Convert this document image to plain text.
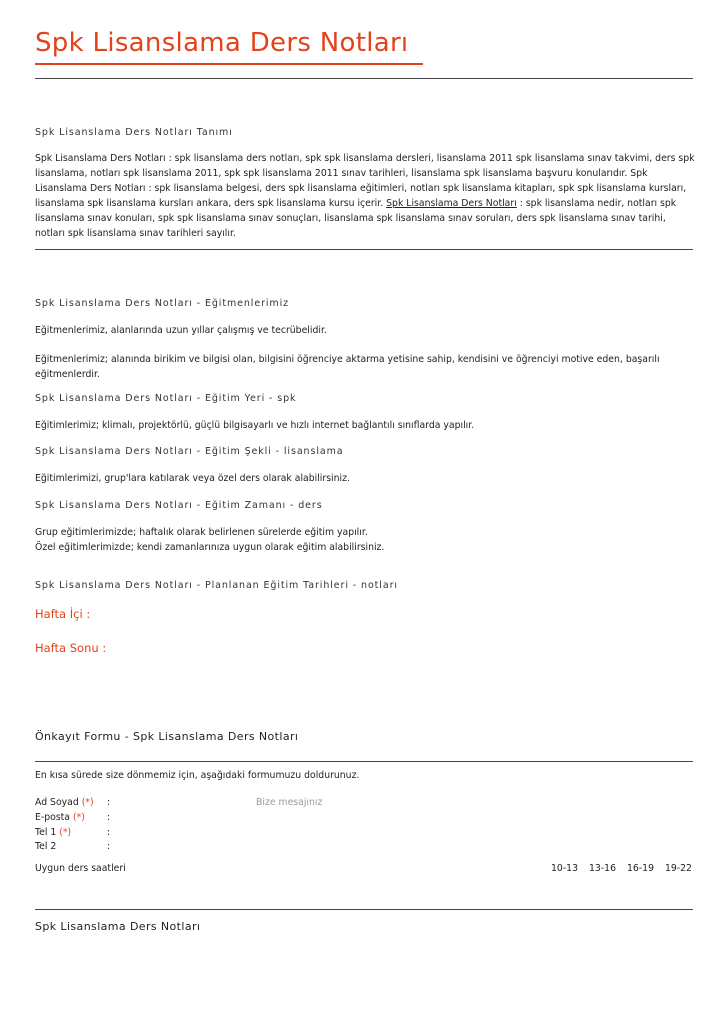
Spk Lisanslama Ders Notları
Spk Lisanslama Ders Notları Tanımı
Spk Lisanslama Ders Notları : spk lisanslama ders notları, spk spk lisanslama dersleri, lisanslama 2011 spk lisanslama sınav takvimi, ders spk lisanslama, notları spk lisanslama 2011, spk spk lisanslama 2011 sınav tarihleri, lisanslama spk lisanslama başvuru konularıdır. Spk Lisanslama Ders Notları : spk lisanslama belgesi, ders spk lisanslama eğitimleri, notları spk lisanslama kitapları, spk spk lisanslama kursları, lisanslama spk lisanslama kursları ankara, ders spk lisanslama kursu içerir. Spk Lisanslama Ders Notları : spk lisanslama nedir, notları spk lisanslama sınav konuları, spk spk lisanslama sınav sonuçları, lisanslama spk lisanslama sınav soruları, ders spk lisanslama sınav tarihi, notları spk lisanslama sınav tarihleri sayılır.
Spk Lisanslama Ders Notları - Eğitmenlerimiz
Eğitmenlerimiz, alanlarında uzun yıllar çalışmış ve tecrübelidir.
Eğitmenlerimiz; alanında birikim ve bilgisi olan, bilgisini öğrenciye aktarma yetisine sahip, kendisini ve öğrenciyi motive eden, başarılı eğitmenlerdir.
Spk Lisanslama Ders Notları - Eğitim Yeri - spk
Eğitimlerimiz; klimalı, projektörlü, güçlü bilgisayarlı ve hızlı internet bağlantılı sınıflarda yapılır.
Spk Lisanslama Ders Notları - Eğitim Şekli - lisanslama
Eğitimlerimizi, grup'lara katılarak veya özel ders olarak alabilirsiniz.
Spk Lisanslama Ders Notları - Eğitim Zamanı - ders
Grup eğitimlerimizde; haftalık olarak belirlenen sürelerde eğitim yapılır.
Özel eğitimlerimizde; kendi zamanlarınıza uygun olarak eğitim alabilirsiniz.
Spk Lisanslama Ders Notları - Planlanan Eğitim Tarihleri - notları
Hafta İçi :
Hafta Sonu :
Önkayıt Formu - Spk Lisanslama Ders Notları
En kısa sürede size dönmemiz için, aşağıdaki formumuzu doldurunuz.
Ad Soyad (*) :	Bize mesajınız
E-posta (*) :
Tel 1 (*)	:
Tel 2	:
Uygun ders saatleri	10-13 13-16 16-19 19-22
Spk Lisanslama Ders Notları
